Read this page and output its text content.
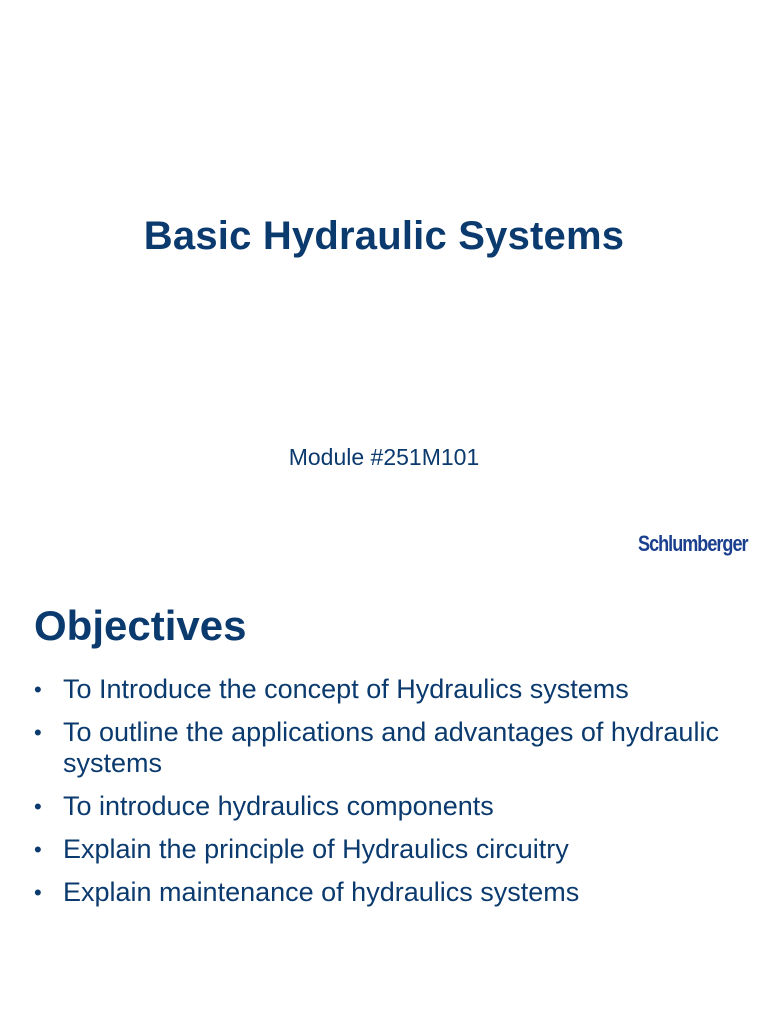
Basic Hydraulic Systems
Module #251M101
Schlumberger
Objectives
• To Introduce the concept of Hydraulics systems
• To outline the applications and advantages of hydraulic systems
• To introduce hydraulics components
• Explain the principle of Hydraulics circuitry
• Explain maintenance of hydraulics systems
